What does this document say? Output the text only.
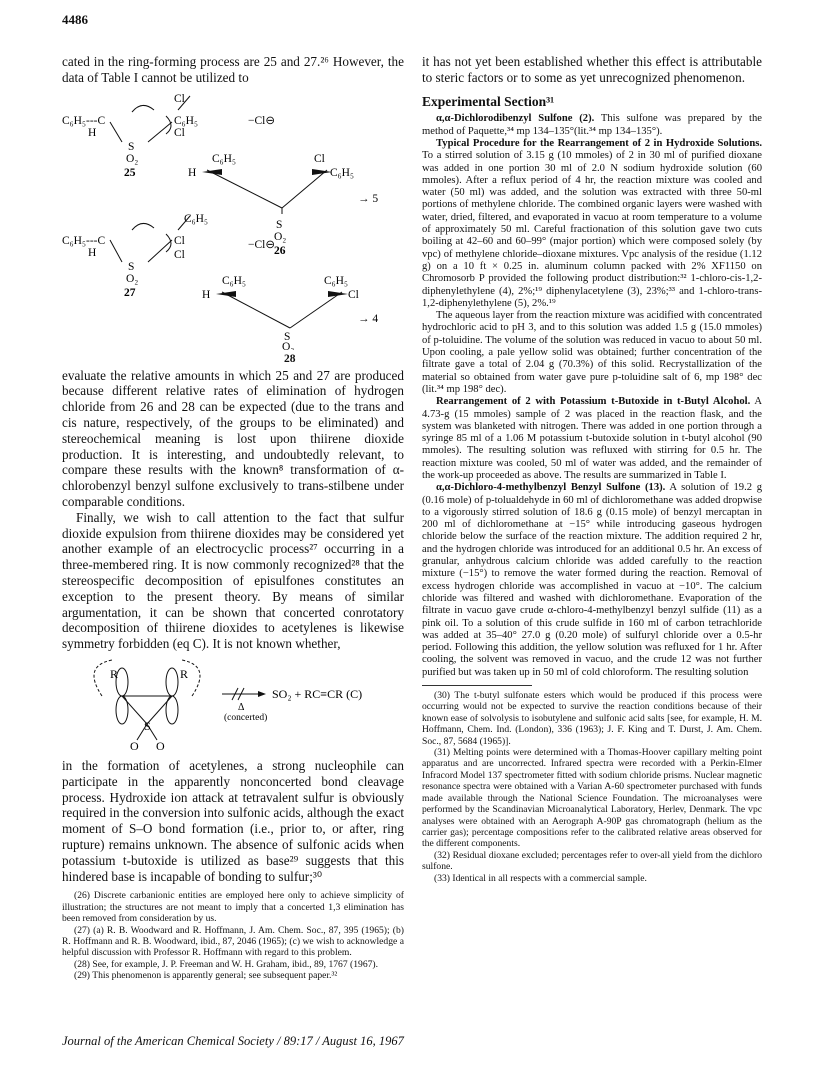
4486

cated in the ring-forming process are 25 and 27.²⁶ However, the data of Table I cannot be utilized to

Cl
C₆H₅---C	C₆H₅
H	Cl
S
O₂
25
−Cl⊖
C₆H₅	Cl
H	C₆H₅
→ 5
S
O₂
26
C₆H₅
C₆H₅---C	Cl
H	Cl
S
O₂
27
−Cl⊖
C₆H₅	C₆H₅
H	Cl
→ 4
S
O₂
28

evaluate the relative amounts in which 25 and 27 are produced because different relative rates of elimination of hydrogen chloride from 26 and 28 can be expected (due to the trans and cis nature, respectively, of the groups to be eliminated) and stereochemical meaning is lost upon thiirene dioxide production. It is interesting, and undoubtedly relevant, to compare these results with the known⁸ transformation of α-chlorobenzyl benzyl sulfone exclusively to trans-stilbene under comparable conditions.

Finally, we wish to call attention to the fact that sulfur dioxide expulsion from thiirene dioxides may be considered yet another example of an electrocyclic process²⁷ occurring in a three-membered ring. It is now commonly recognized²⁸ that the stereospecific decomposition of episulfones constitutes an exception to the present theory. By means of similar argumentation, it can be shown that concerted conrotatory decomposition of thiirene dioxides to acetylenes is likewise symmetry forbidden (eq C). It is not known whether,

R	R
S
O O
Δ
(concerted)
SO₂ + RC≡CR (C)

in the formation of acetylenes, a strong nucleophile can participate in the apparently nonconcerted bond cleavage process. Hydroxide ion attack at tetravalent sulfur is obviously required in the conversion into sulfonic acids, although the exact moment of S–O bond formation (i.e., prior to, or after, ring rupture) remains unknown. The absence of sulfonic acids when potassium t-butoxide is utilized as base²⁹ suggests that this hindered base is incapable of bonding to sulfur;³⁰

(26) Discrete carbanionic entities are employed here only to achieve simplicity of illustration; the structures are not meant to imply that a concerted 1,3 elimination has been removed from consideration by us.

(27) (a) R. B. Woodward and R. Hoffmann, J. Am. Chem. Soc., 87, 395 (1965); (b) R. Hoffmann and R. B. Woodward, ibid., 87, 2046 (1965); (c) we wish to acknowledge a helpful discussion with Professor R. Hoffmann with regard to this problem.

(28) See, for example, J. P. Freeman and W. H. Graham, ibid., 89, 1767 (1967).

(29) This phenomenon is apparently general; see subsequent paper.³²

it has not yet been established whether this effect is attributable to steric factors or to some as yet unrecognized phenomenon.

Experimental Section³¹

α,α-Dichlorodibenzyl Sulfone (2). This sulfone was prepared by the method of Paquette,³⁴ mp 134–135°(lit.³⁴ mp 134–135°).

Typical Procedure for the Rearrangement of 2 in Hydroxide Solutions. To a stirred solution of 3.15 g (10 mmoles) of 2 in 30 ml of purified dioxane was added in one portion 30 ml of 2.0 N sodium hydroxide solution (60 mmoles). After a reflux period of 4 hr, the reaction mixture was cooled and water (50 ml) was added, and the solution was extracted with three 50-ml portions of methylene chloride. The combined organic layers were washed with water, dried, filtered, and evaporated in vacuo at room temperature to a volume of approximately 50 ml. Careful fractionation of this solution gave two cuts boiling at 42–60 and 60–99° (major portion) which were composed solely (by vpc) of methylene chloride–dioxane mixtures. Vpc analysis of the residue (1.12 g) on a 10 ft × 0.25 in. aluminum column packed with 2% XF1150 on Chromosorb P provided the following product distribution:³² 1-chloro-cis-1,2-diphenylethylene (4), 2%;¹⁹ diphenylacetylene (3), 23%;³³ and 1-chloro-trans-1,2-diphenylethylene (5), 2%.¹⁹

The aqueous layer from the reaction mixture was acidified with concentrated hydrochloric acid to pH 3, and to this solution was added 1.5 g (15.0 mmoles) of p-toluidine. The volume of the solution was reduced in vacuo to about 50 ml. Upon cooling, a pale yellow solid was obtained; further concentration of the filtrate gave a total of 2.04 g (70.3%) of this solid. Recrystallization of the material so obtained from water gave pure p-toluidine salt of 6, mp 198° dec (lit.³⁴ mp 198° dec).

Rearrangement of 2 with Potassium t-Butoxide in t-Butyl Alcohol. A 4.73-g (15 mmoles) sample of 2 was placed in the reaction flask, and the system was blanketed with nitrogen. There was added in one portion through a syringe 85 ml of a 1.06 M potassium t-butoxide solution in t-butyl alcohol (90 mmoles). The resulting solution was refluxed with stirring for 0.5 hr. The reaction mixture was cooled, 50 ml of water was added, and the remainder of the work-up proceeded as above. The results are summarized in Table I.

α,α-Dichloro-4-methylbenzyl Benzyl Sulfone (13). A solution of 19.2 g (0.16 mole) of p-tolualdehyde in 60 ml of dichloromethane was added dropwise to a vigorously stirred solution of 18.6 g (0.15 mole) of benzyl mercaptan in 200 ml of dichloromethane at −15° while introducing gaseous hydrogen chloride below the surface of the reaction mixture. The addition required 2 hr, and the hydrogen chloride was introduced for an additional 0.5 hr. An excess of granular, anhydrous calcium chloride was added carefully to the reaction mixture (−15°) to remove the water formed during the reaction. Removal of excess hydrogen chloride was accomplished in vacuo at −10°. The calcium chloride was filtered and washed with dichloromethane. Evaporation of the filtrate in vacuo gave crude α-chloro-4-methylbenzyl benzyl sulfide (11) as a pink oil. To a solution of this crude sulfide in 160 ml of carbon tetrachloride was added at 35–40° 27.0 g (0.20 mole) of sulfuryl chloride over a 0.5-hr period. Following this addition, the yellow solution was refluxed for 1 hr. After cooling, the solvent was removed in vacuo, and the crude 12 was not further purified but was taken up in 50 ml of cold chloroform. The resulting solution

(30) The t-butyl sulfonate esters which would be produced if this process were occurring would not be expected to survive the reaction conditions because of their known ease of solvolysis to isobutylene and sulfonic acid salts [see, for example, H. M. Hoffmann, Chem. Ind. (London), 336 (1963); J. F. King and T. Durst, J. Am. Chem. Soc., 87, 5684 (1965)].

(31) Melting points were determined with a Thomas-Hoover capillary melting point apparatus and are uncorrected. Infrared spectra were recorded with a Perkin-Elmer Infracord Model 137 spectrometer fitted with sodium chloride prisms. Nuclear magnetic resonance spectra were obtained with a Varian A-60 spectrometer purchased with funds made available through the National Science Foundation. The microanalyses were performed by the Scandinavian Microanalytical Laboratory, Herlev, Denmark. The vpc analyses were obtained with an Aerograph A-90P gas chromatograph (helium as the carrier gas); percentage compositions refer to the calibrated relative areas observed for the different components.

(32) Residual dioxane excluded; percentages refer to over-all yield from the dichloro sulfone.

(33) Identical in all respects with a commercial sample.

Journal of the American Chemical Society / 89:17 / August 16, 1967
